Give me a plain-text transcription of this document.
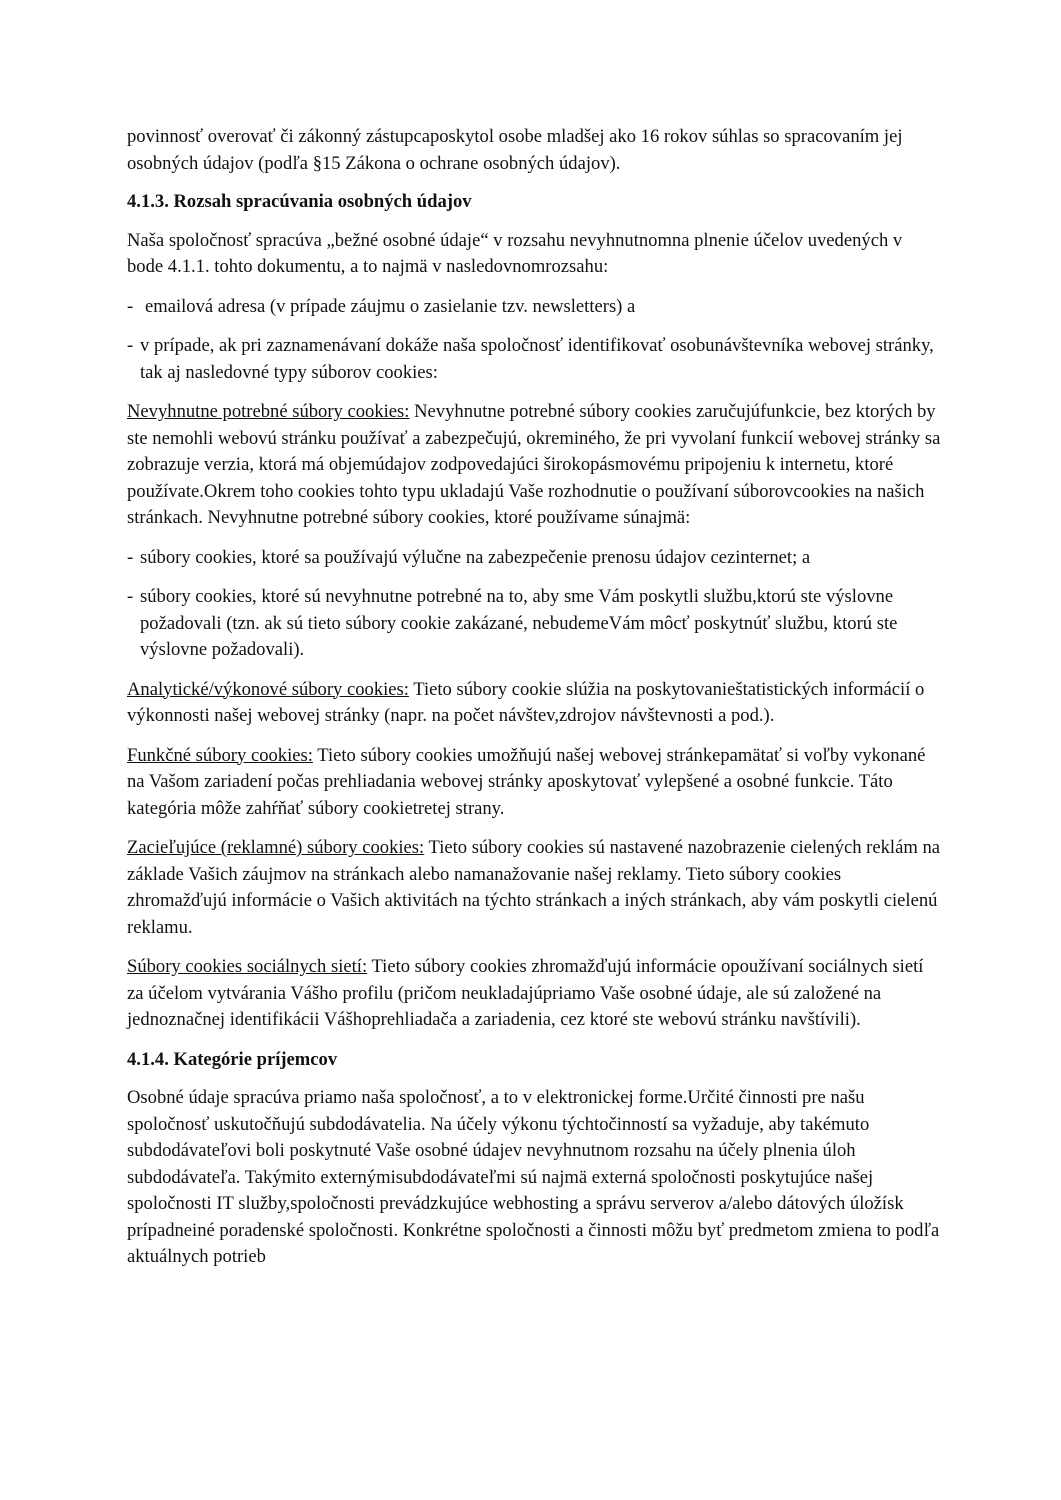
povinnosť overovať či zákonný zástupcaposkytol osobe mladšej ako 16 rokov súhlas so spracovaním jej osobných údajov (podľa §15 Zákona o ochrane osobných údajov).

4.1.3. Rozsah spracúvania osobných údajov

Naša spoločnosť spracúva „bežné osobné údaje“ v rozsahu nevyhnutnomna plnenie účelov uvedených v bode 4.1.1. tohto dokumentu, a to najmä v nasledovnomrozsahu:

- emailová adresa (v prípade záujmu o zasielanie tzv. newsletters) a
- v prípade, ak pri zaznamenávaní dokáže naša spoločnosť identifikovať osobunávštevníka webovej stránky, tak aj nasledovné typy súborov cookies:

Nevyhnutne potrebné súbory cookies: Nevyhnutne potrebné súbory cookies zaručujúfunkcie, bez ktorých by ste nemohli webovú stránku používať a zabezpečujú, okreminého, že pri vyvolaní funkcií webovej stránky sa zobrazuje verzia, ktorá má objemúdajov zodpovedajúci širokopásmovému pripojeniu k internetu, ktoré používate.Okrem toho cookies tohto typu ukladajú Vaše rozhodnutie o používaní súborovcookies na našich stránkach. Nevyhnutne potrebné súbory cookies, ktoré používame súnajmä:

- súbory cookies, ktoré sa používajú výlučne na zabezpečenie prenosu údajov cezinternet; a
- súbory cookies, ktoré sú nevyhnutne potrebné na to, aby sme Vám poskytli službu,ktorú ste výslovne požadovali (tzn. ak sú tieto súbory cookie zakázané, nebudemeVám môcť poskytnúť službu, ktorú ste výslovne požadovali).

Analytické/výkonové súbory cookies: Tieto súbory cookie slúžia na poskytovanieštatistických informácií o výkonnosti našej webovej stránky (napr. na počet návštev,zdrojov návštevnosti a pod.).

Funkčné súbory cookies: Tieto súbory cookies umožňujú našej webovej stránkepamätať si voľby vykonané na Vašom zariadení počas prehliadania webovej stránky aposkytovať vylepšené a osobné funkcie. Táto kategória môže zahŕňať súbory cookietretej strany.

Zacieľujúce (reklamné) súbory cookies: Tieto súbory cookies sú nastavené nazobrazenie cielených reklám na základe Vašich záujmov na stránkach alebo namanažovanie našej reklamy. Tieto súbory cookies zhromažďujú informácie o Vašich aktivitách na týchto stránkach a iných stránkach, aby vám poskytli cielenú reklamu.

Súbory cookies sociálnych sietí: Tieto súbory cookies zhromažďujú informácie opoužívaní sociálnych sietí za účelom vytvárania Vášho profilu (pričom neukladajúpriamo Vaše osobné údaje, ale sú založené na jednoznačnej identifikácii Vášhoprehliadača a zariadenia, cez ktoré ste webovú stránku navštívili).

4.1.4. Kategórie príjemcov

Osobné údaje spracúva priamo naša spoločnosť, a to v elektronickej forme.Určité činnosti pre našu spoločnosť uskutočňujú subdodávatelia. Na účely výkonu týchtočinností sa vyžaduje, aby takémuto subdodávateľovi boli poskytnuté Vaše osobné údajev nevyhnutnom rozsahu na účely plnenia úloh subdodávateľa. Takýmito externýmisubdodávateľmi sú najmä externá spoločnosti poskytujúce našej spoločnosti IT služby,spoločnosti prevádzkujúce webhosting a správu serverov a/alebo dátových úložísk prípadneiné poradenské spoločnosti. Konkrétne spoločnosti a činnosti môžu byť predmetom zmiena to podľa aktuálnych potrieb
